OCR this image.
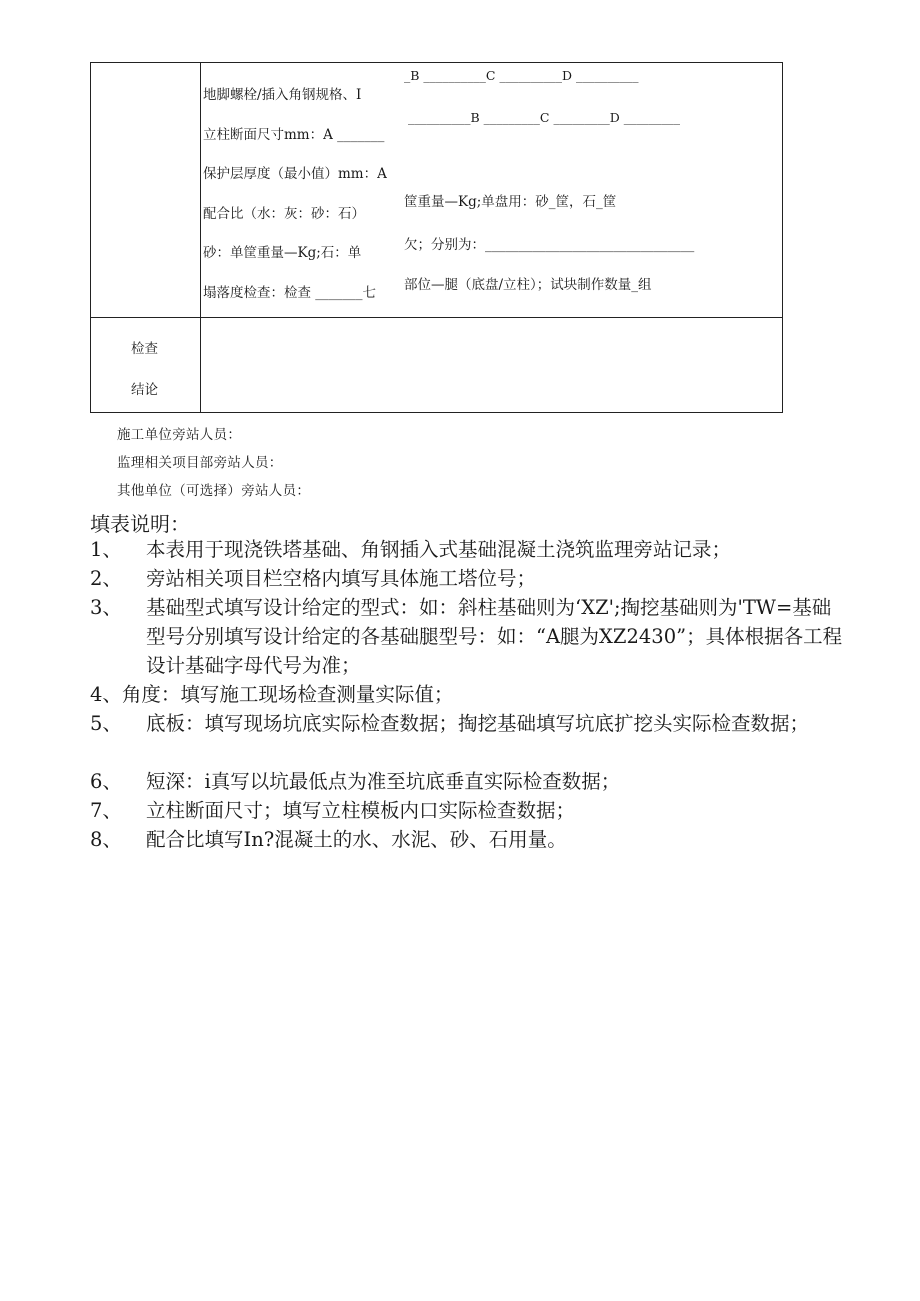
地脚螺栓/插入角钢规格、I
立柱断面尺寸mm：A _______
保护层厚度（最小值）mm：A
配合比（水：灰：砂：石）
砂：单筐重量—Kg;石：单
塌落度检查：检查 _______七
_B __________C __________D __________
__________B _________C _________D _________
筐重量—Kg;单盘用：砂_筐，石_筐
欠；分别为：_______________________________
部位—腿（底盘/立柱）；试块制作数量_组
检查
结论
施工单位旁站人员：
监理相关项目部旁站人员：
其他单位（可选择）旁站人员：
填表说明：
1、 本表用于现浇铁塔基础、角钢插入式基础混凝土浇筑监理旁站记录；
2、 旁站相关项目栏空格内填写具体施工塔位号；
3、 基础型式填写设计给定的型式：如：斜柱基础则为‘XZ';掏挖基础则为'TW=基础型号分别填写设计给定的各基础腿型号：如：“A腿为XZ2430”；具体根据各工程设计基础字母代号为准；
4、角度：填写施工现场检查测量实际值；
5、 底板：填写现场坑底实际检查数据；掏挖基础填写坑底扩挖头实际检查数据；
6、 短深：i真写以坑最低点为准至坑底垂直实际检查数据；
7、 立柱断面尺寸；填写立柱模板内口实际检查数据；
8、 配合比填写In?混凝土的水、水泥、砂、石用量。
